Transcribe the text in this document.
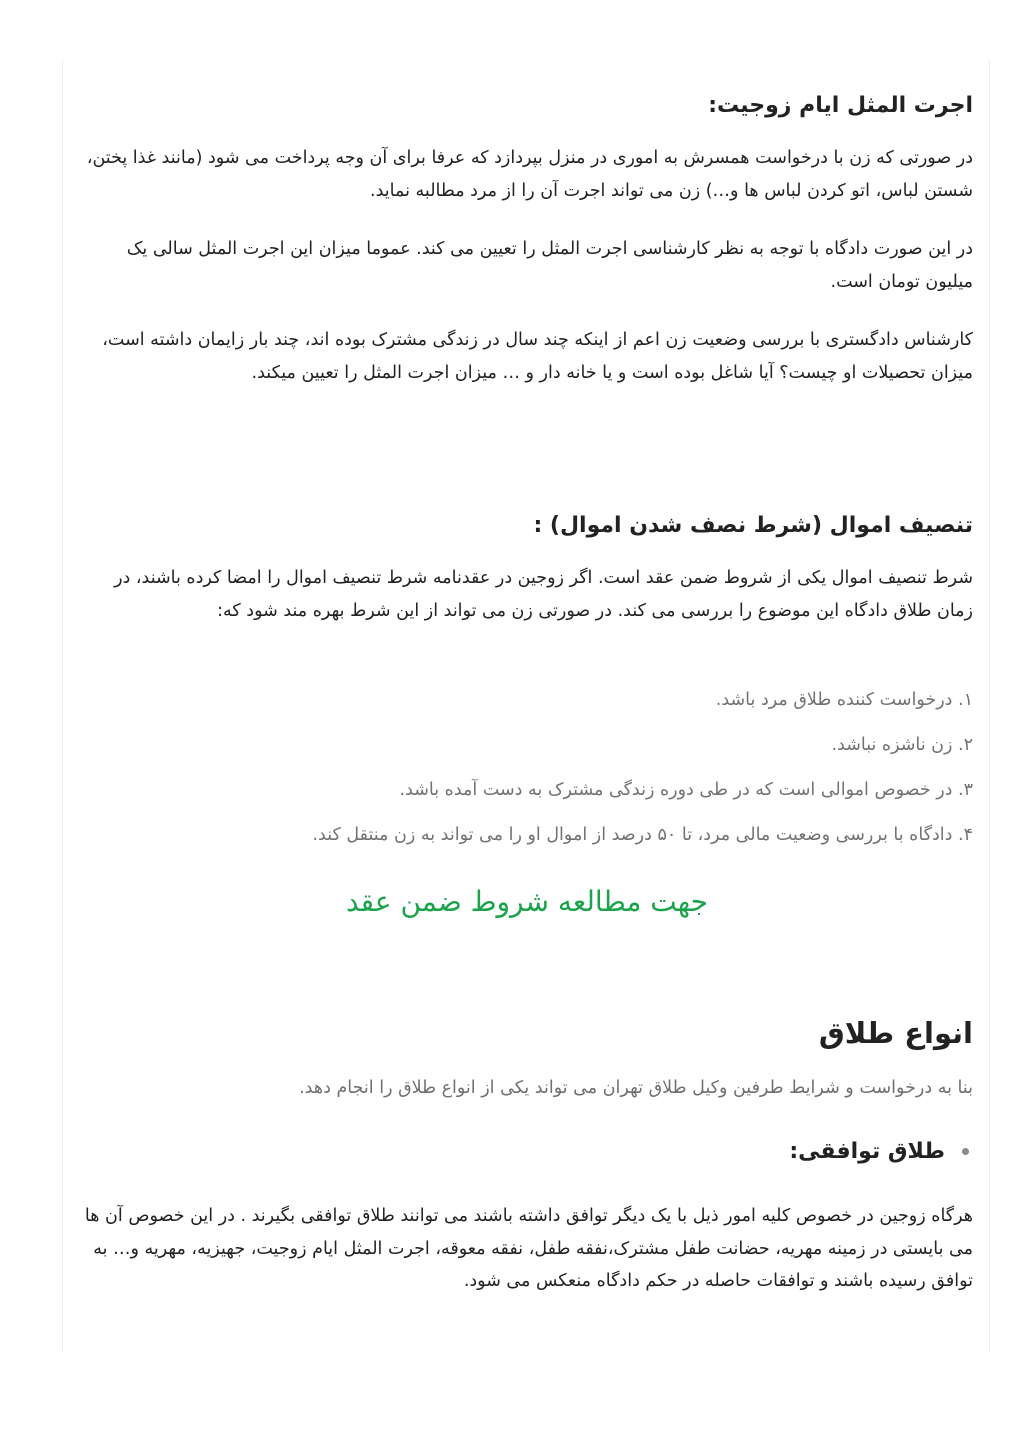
اجرت المثل ایام زوجیت:

در صورتی که زن با درخواست همسرش به اموری در منزل بپردازد که عرفا برای آن وجه پرداخت می شود (مانند غذا پختن، شستن لباس، اتو کردن لباس ها و…) زن می تواند اجرت آن را از مرد مطالبه نماید.

در این صورت دادگاه با توجه به نظر کارشناسی اجرت المثل را تعیین می کند. عموما میزان این اجرت المثل سالی یک میلیون تومان است.

کارشناس دادگستری با بررسی وضعیت زن اعم از اینکه چند سال در زندگی مشترک بوده اند، چند بار زایمان داشته است، میزان تحصیلات او چیست؟ آیا شاغل بوده است و یا خانه دار و … میزان اجرت المثل را تعیین میکند.

تنصیف اموال (شرط نصف شدن اموال) :

شرط تنصیف اموال یکی از شروط ضمن عقد است. اگر زوجین در عقدنامه شرط تنصیف اموال را امضا کرده باشند، در زمان طلاق دادگاه این موضوع را بررسی می کند. در صورتی زن می تواند از این شرط بهره مند شود که:

۱. درخواست کننده طلاق مرد باشد.
۲. زن ناشزه نباشد.
۳. در خصوص اموالی است که در طی دوره زندگی مشترک به دست آمده باشد.
۴. دادگاه با بررسی وضعیت مالی مرد، تا ۵۰ درصد از اموال او را می تواند به زن منتقل کند.
جهت مطالعه شروط ضمن عقد
انواع طلاق

بنا به درخواست و شرایط طرفین وکیل طلاق تهران می تواند یکی از انواع طلاق را انجام دهد.

طلاق توافقی:

هرگاه زوجین در خصوص کلیه امور ذیل با یک دیگر توافق داشته باشند می توانند طلاق توافقی بگیرند . در این خصوص آن ها می بایستی در زمینه مهریه، حضانت طفل مشترک،نفقه طفل، نفقه معوقه، اجرت المثل ایام زوجیت، جهیزیه، مهریه و… به توافق رسیده باشند و توافقات حاصله در حکم دادگاه منعکس می شود.
